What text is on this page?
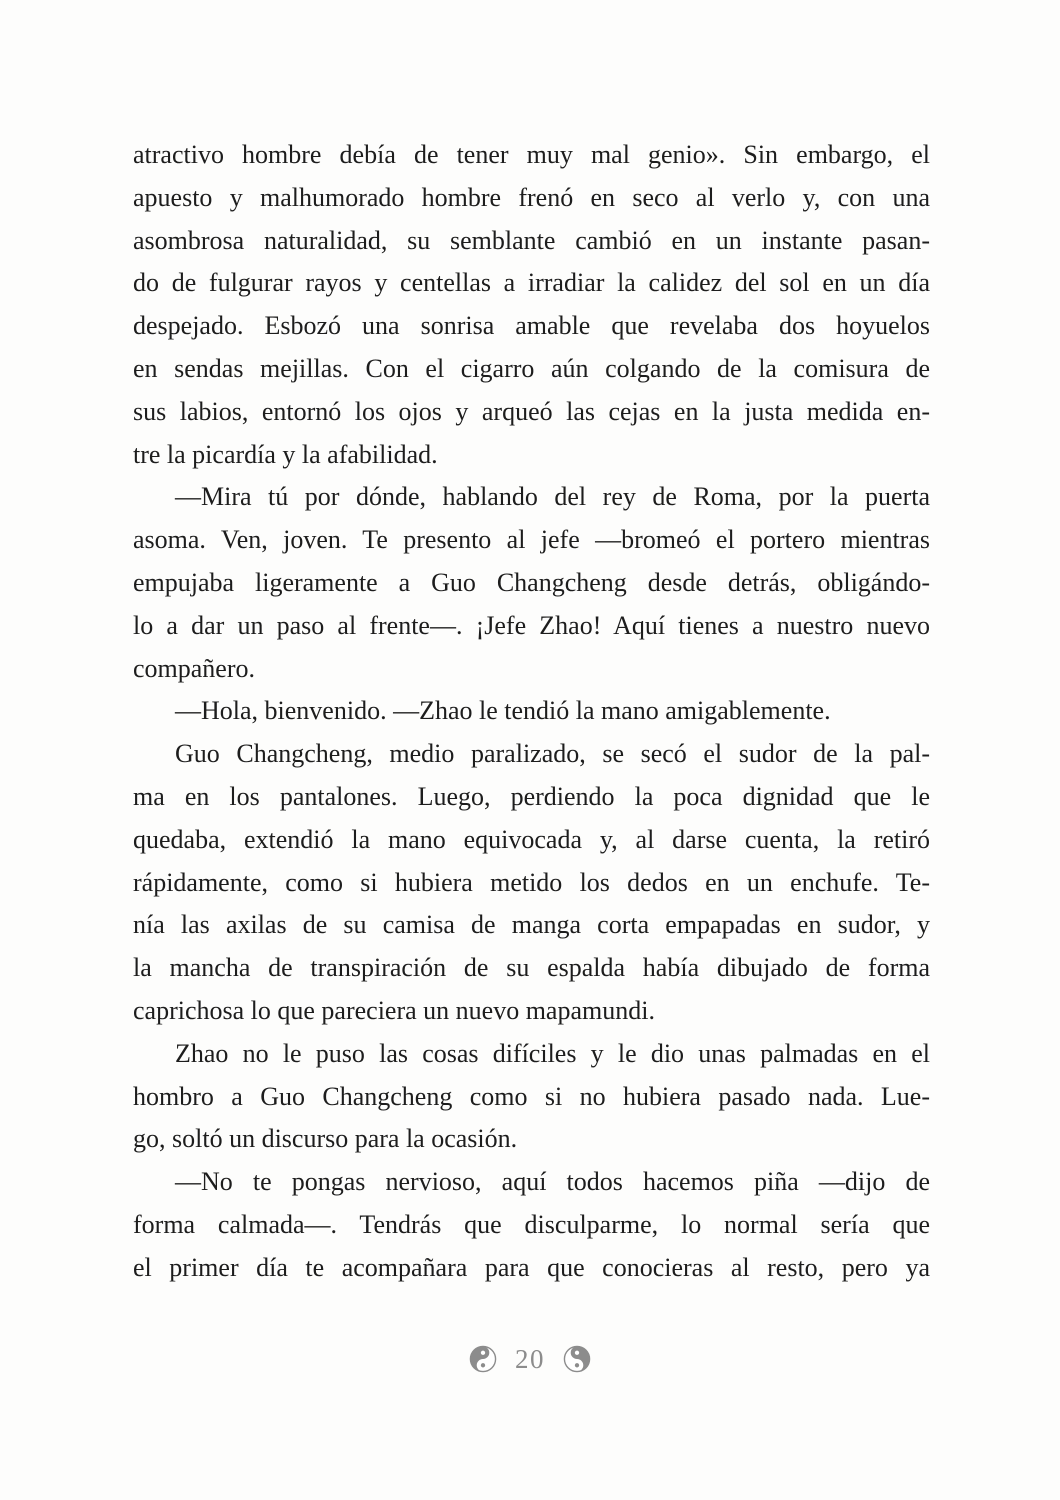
atractivo hombre debía de tener muy mal genio». Sin embargo, el
apuesto y malhumorado hombre frenó en seco al verlo y, con una
asombrosa naturalidad, su semblante cambió en un instante pasan-
do de fulgurar rayos y centellas a irradiar la calidez del sol en un día
despejado. Esbozó una sonrisa amable que revelaba dos hoyuelos
en sendas mejillas. Con el cigarro aún colgando de la comisura de
sus labios, entornó los ojos y arqueó las cejas en la justa medida en-
tre la picardía y la afabilidad.
—Mira tú por dónde, hablando del rey de Roma, por la puerta
asoma. Ven, joven. Te presento al jefe —bromeó el portero mientras
empujaba ligeramente a Guo Changcheng desde detrás, obligándo-
lo a dar un paso al frente—. ¡Jefe Zhao! Aquí tienes a nuestro nuevo
compañero.
—Hola, bienvenido. —Zhao le tendió la mano amigablemente.
Guo Changcheng, medio paralizado, se secó el sudor de la pal-
ma en los pantalones. Luego, perdiendo la poca dignidad que le
quedaba, extendió la mano equivocada y, al darse cuenta, la retiró
rápidamente, como si hubiera metido los dedos en un enchufe. Te-
nía las axilas de su camisa de manga corta empapadas en sudor, y
la mancha de transpiración de su espalda había dibujado de forma
caprichosa lo que pareciera un nuevo mapamundi.
Zhao no le puso las cosas difíciles y le dio unas palmadas en el
hombro a Guo Changcheng como si no hubiera pasado nada. Lue-
go, soltó un discurso para la ocasión.
—No te pongas nervioso, aquí todos hacemos piña —dijo de
forma calmada—. Tendrás que disculparme, lo normal sería que
el primer día te acompañara para que conocieras al resto, pero ya
20
